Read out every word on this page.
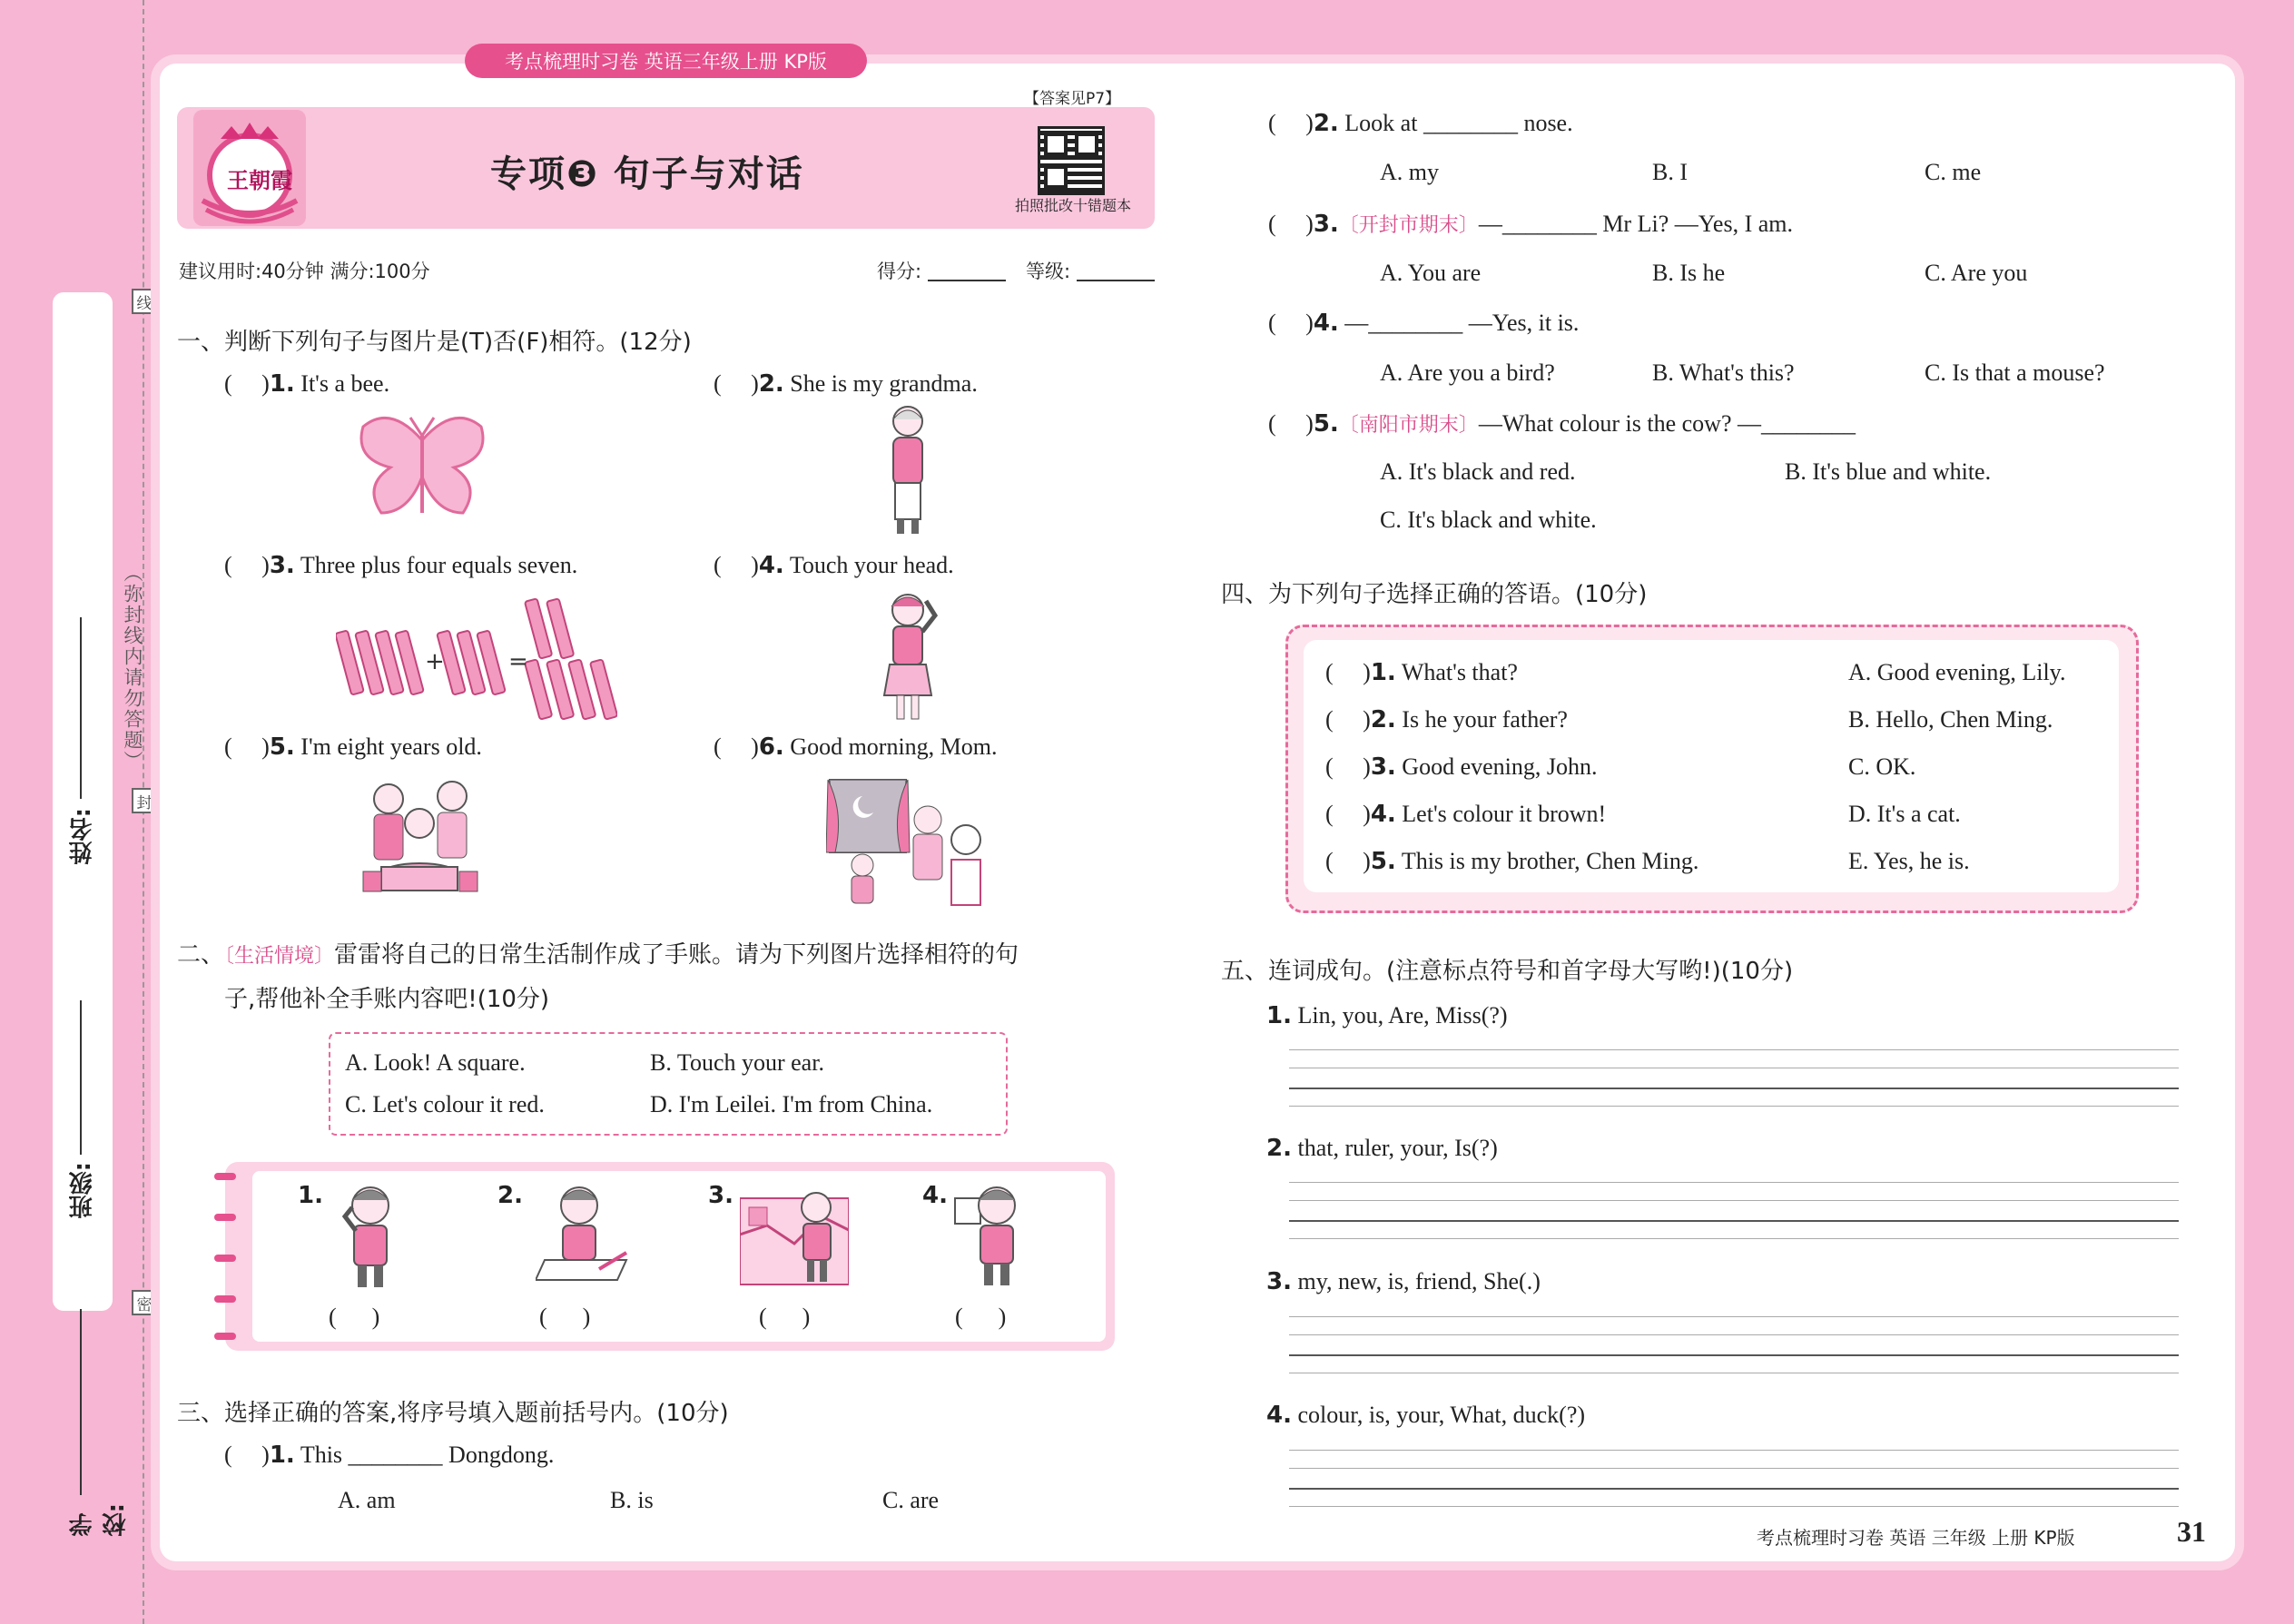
姓名:
班级:
学校:
线
封
密
（弥封线内请勿答题）
考点梳理时习卷 英语三年级上册 KP版
王朝霞	专项❸ 句子与对话
【答案见P7】
拍照批改十错题本
建议用时:40分钟 满分:100分	得分:	等级:
一、判断下列句子与图片是(T)否(F)相符。(12分)
(     )1. It's a bee.	(     )2. She is my grandma.
(     )3. Three plus four equals seven.	(     )4. Touch your head.
(     )5. I'm eight years old.	(     )6. Good morning, Mom.
+	=
二、〔生活情境〕雷雷将自己的日常生活制作成了手账。请为下列图片选择相符的句
子,帮他补全手账内容吧!(10分)
A. Look! A square.	B. Touch your ear.
C. Let's colour it red.	D. I'm Leilei. I'm from China.
1.	2.	3.	4.
(      )	(      )	(      )	(      )
三、选择正确的答案,将序号填入题前括号内。(10分)
(     )1. This ________ Dongdong.
A. am	B. is	C. are
(     )2. Look at ________ nose.
A. my	B. I	C. me
(     )3.〔开封市期末〕—________ Mr Li? —Yes, I am.
A. You are	B. Is he	C. Are you
(     )4. —________ —Yes, it is.
A. Are you a bird?	B. What's this?	C. Is that a mouse?
(     )5.〔南阳市期末〕—What colour is the cow? —________
A. It's black and red.	B. It's blue and white.
C. It's black and white.
四、为下列句子选择正确的答语。(10分)
(     )1. What's that?	A. Good evening, Lily.
(     )2. Is he your father?	B. Hello, Chen Ming.
(     )3. Good evening, John.	C. OK.
(     )4. Let's colour it brown!	D. It's a cat.
(     )5. This is my brother, Chen Ming.	E. Yes, he is.
五、连词成句。(注意标点符号和首字母大写哟!)(10分)
1. Lin, you, Are, Miss(?)
2. that, ruler, your, Is(?)
3. my, new, is, friend, She(.)
4. colour, is, your, What, duck(?)
考点梳理时习卷 英语 三年级 上册 KP版	31
